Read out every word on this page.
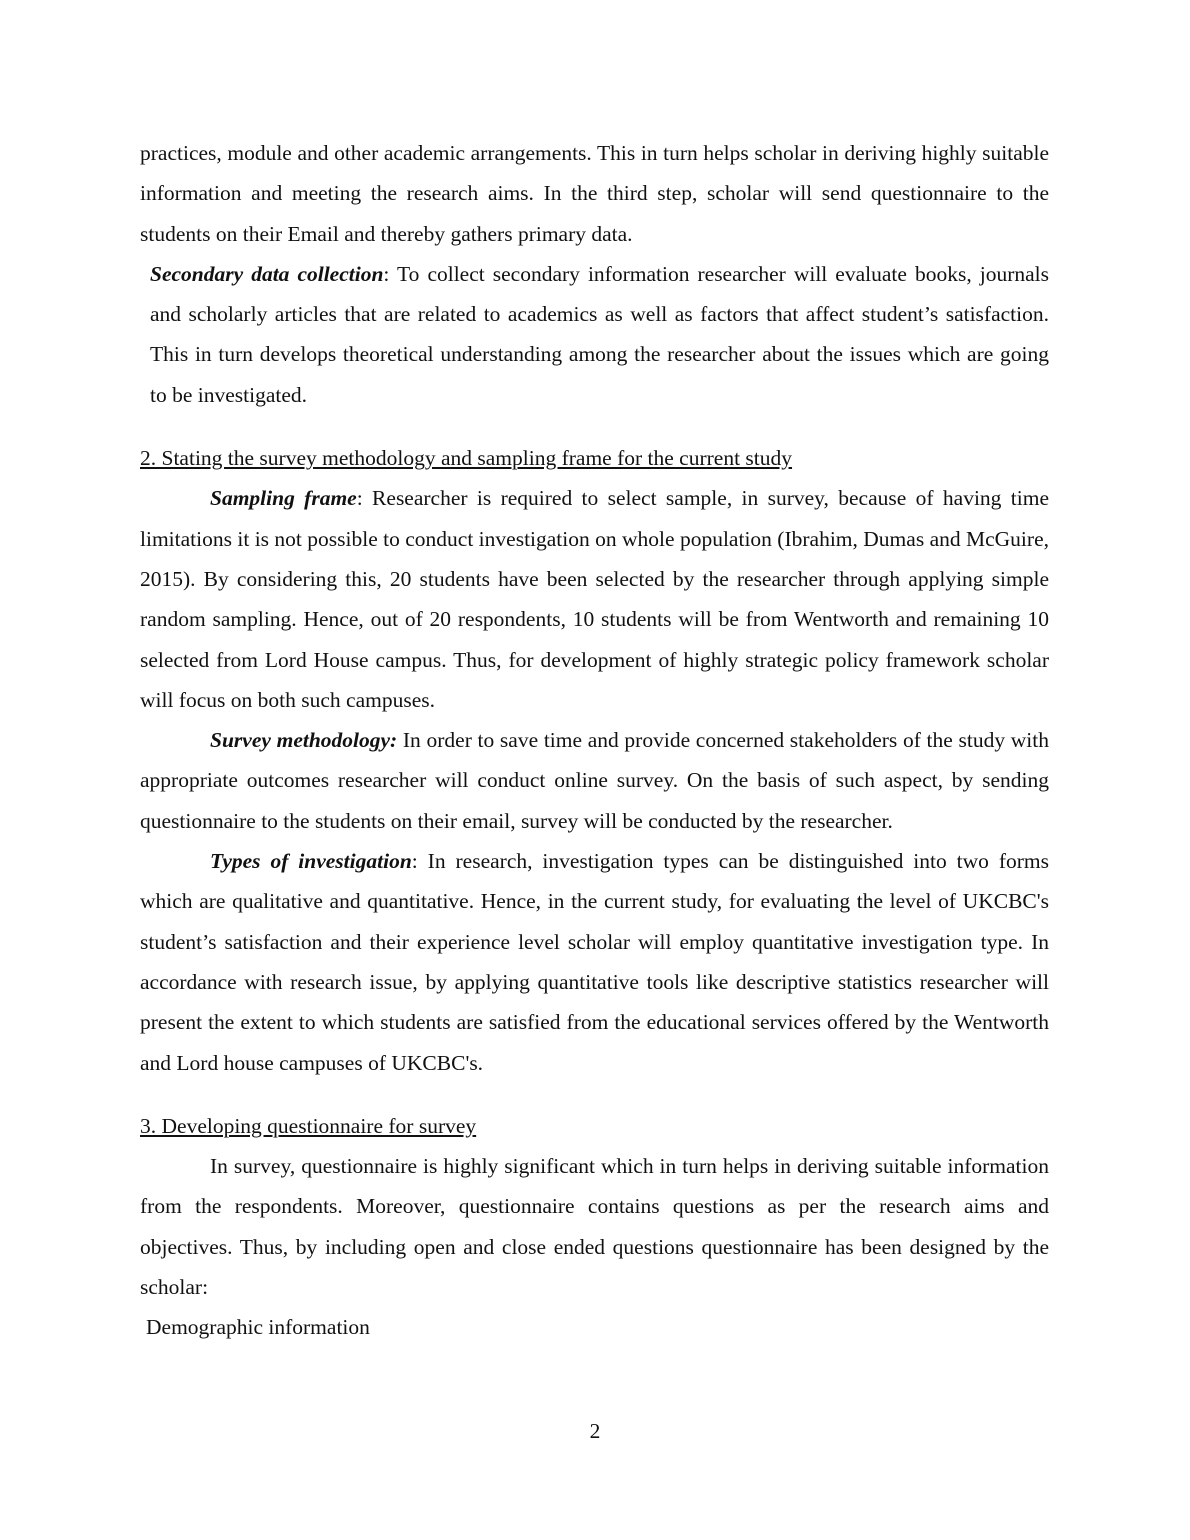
practices, module and other academic arrangements. This in turn helps scholar in deriving highly suitable information and meeting the research aims. In the third step, scholar will send questionnaire to the students on their Email and thereby gathers primary data.

Secondary data collection: To collect secondary information researcher will evaluate books, journals and scholarly articles that are related to academics as well as factors that affect student’s satisfaction. This in turn develops theoretical understanding among the researcher about the issues which are going to be investigated.

2. Stating the survey methodology and sampling frame for the current study

Sampling frame: Researcher is required to select sample, in survey, because of having time limitations it is not possible to conduct investigation on whole population (Ibrahim, Dumas and McGuire, 2015). By considering this, 20 students have been selected by the researcher through applying simple random sampling. Hence, out of 20 respondents, 10 students will be from Wentworth and remaining 10 selected from Lord House campus. Thus, for development of highly strategic policy framework scholar will focus on both such campuses.

Survey methodology: In order to save time and provide concerned stakeholders of the study with appropriate outcomes researcher will conduct online survey. On the basis of such aspect, by sending questionnaire to the students on their email, survey will be conducted by the researcher.

Types of investigation: In research, investigation types can be distinguished into two forms which are qualitative and quantitative. Hence, in the current study, for evaluating the level of UKCBC's student’s satisfaction and their experience level scholar will employ quantitative investigation type. In accordance with research issue, by applying quantitative tools like descriptive statistics researcher will present the extent to which students are satisfied from the educational services offered by the Wentworth and Lord house campuses of UKCBC's.

3. Developing questionnaire for survey

In survey, questionnaire is highly significant which in turn helps in deriving suitable information from the respondents. Moreover, questionnaire contains questions as per the research aims and objectives. Thus, by including open and close ended questions questionnaire has been designed by the scholar:

Demographic information

2
